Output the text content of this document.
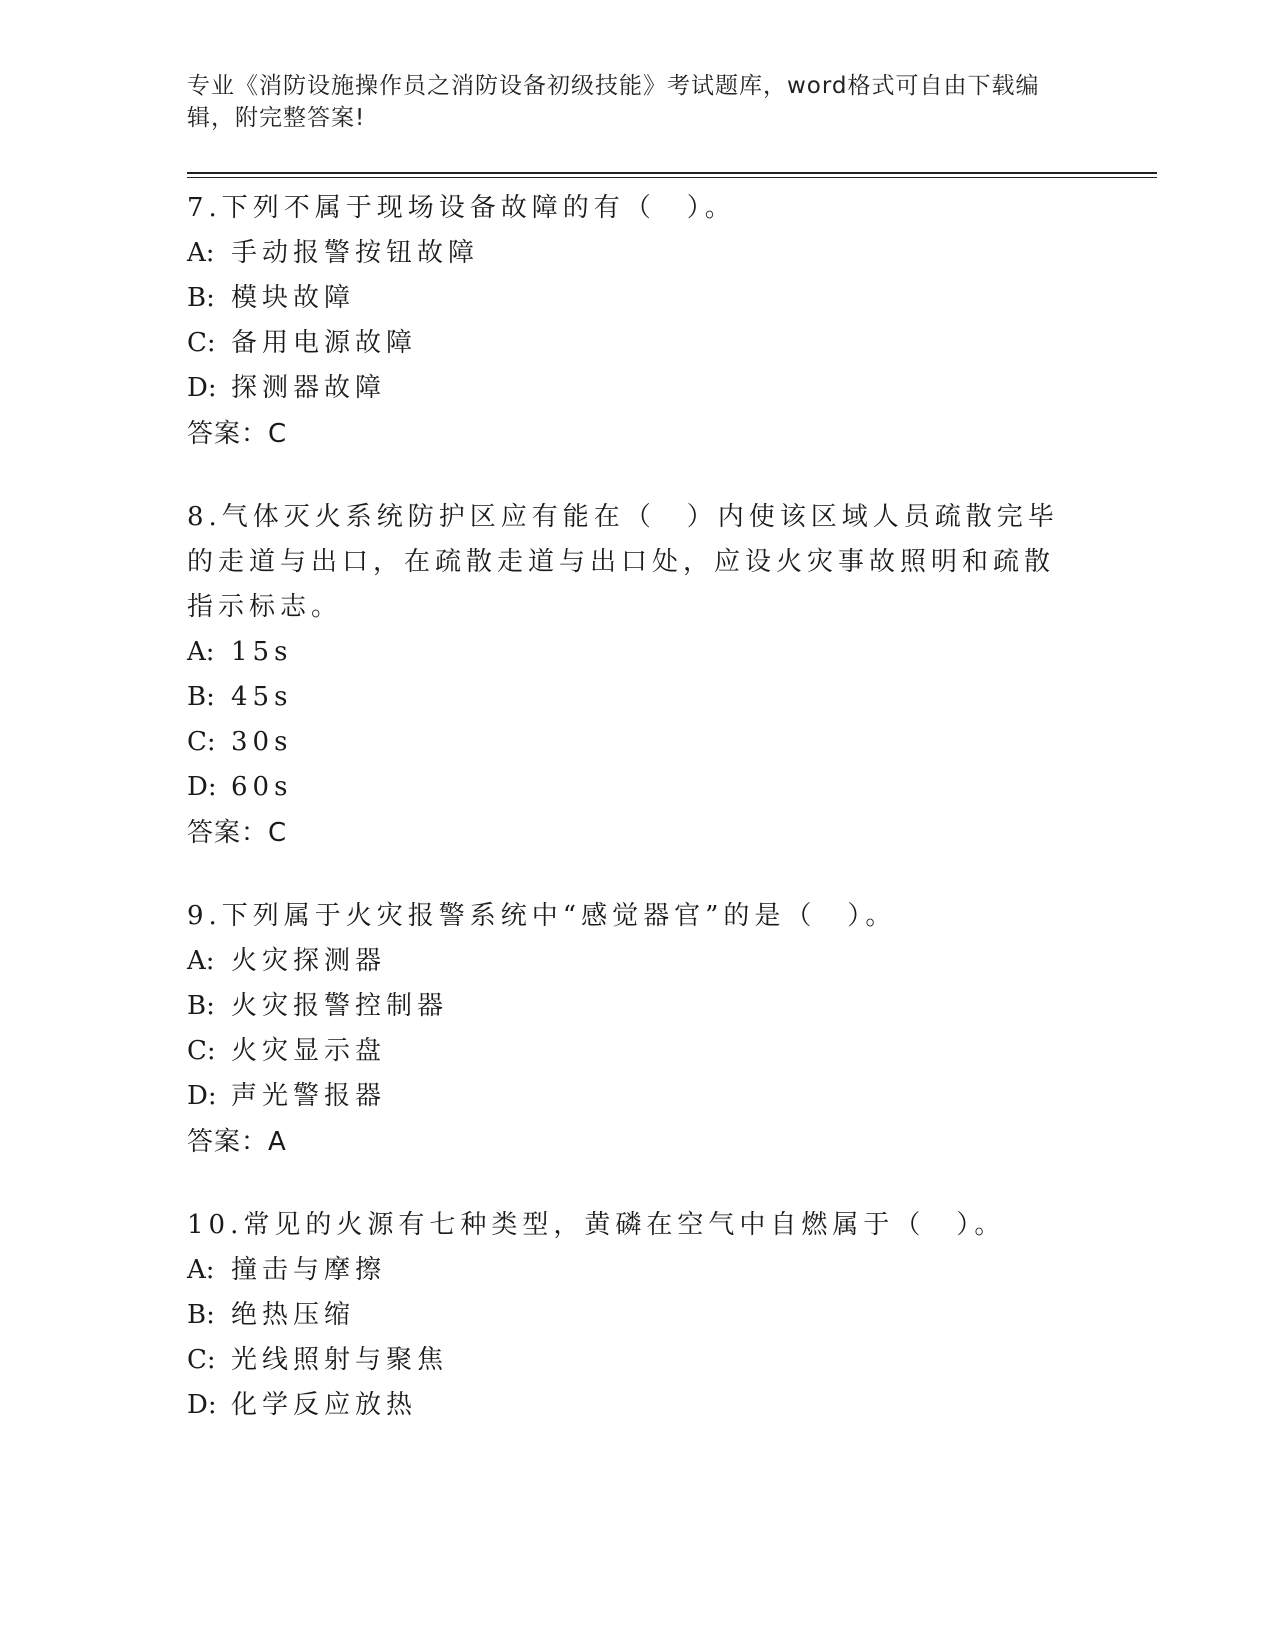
专业《消防设施操作员之消防设备初级技能》考试题库，word格式可自由下载编辑，附完整答案!
7.下列不属于现场设备故障的有（　）。
A: 手动报警按钮故障
B: 模块故障
C: 备用电源故障
D: 探测器故障
答案：C
8.气体灭火系统防护区应有能在（　）内使该区域人员疏散完毕的走道与出口，在疏散走道与出口处，应设火灾事故照明和疏散指示标志。
A: 15s
B: 45s
C: 30s
D: 60s
答案：C
9.下列属于火灾报警系统中“感觉器官”的是（　）。
A: 火灾探测器
B: 火灾报警控制器
C: 火灾显示盘
D: 声光警报器
答案：A
10.常见的火源有七种类型，黄磷在空气中自燃属于（　）。
A: 撞击与摩擦
B: 绝热压缩
C: 光线照射与聚焦
D: 化学反应放热
